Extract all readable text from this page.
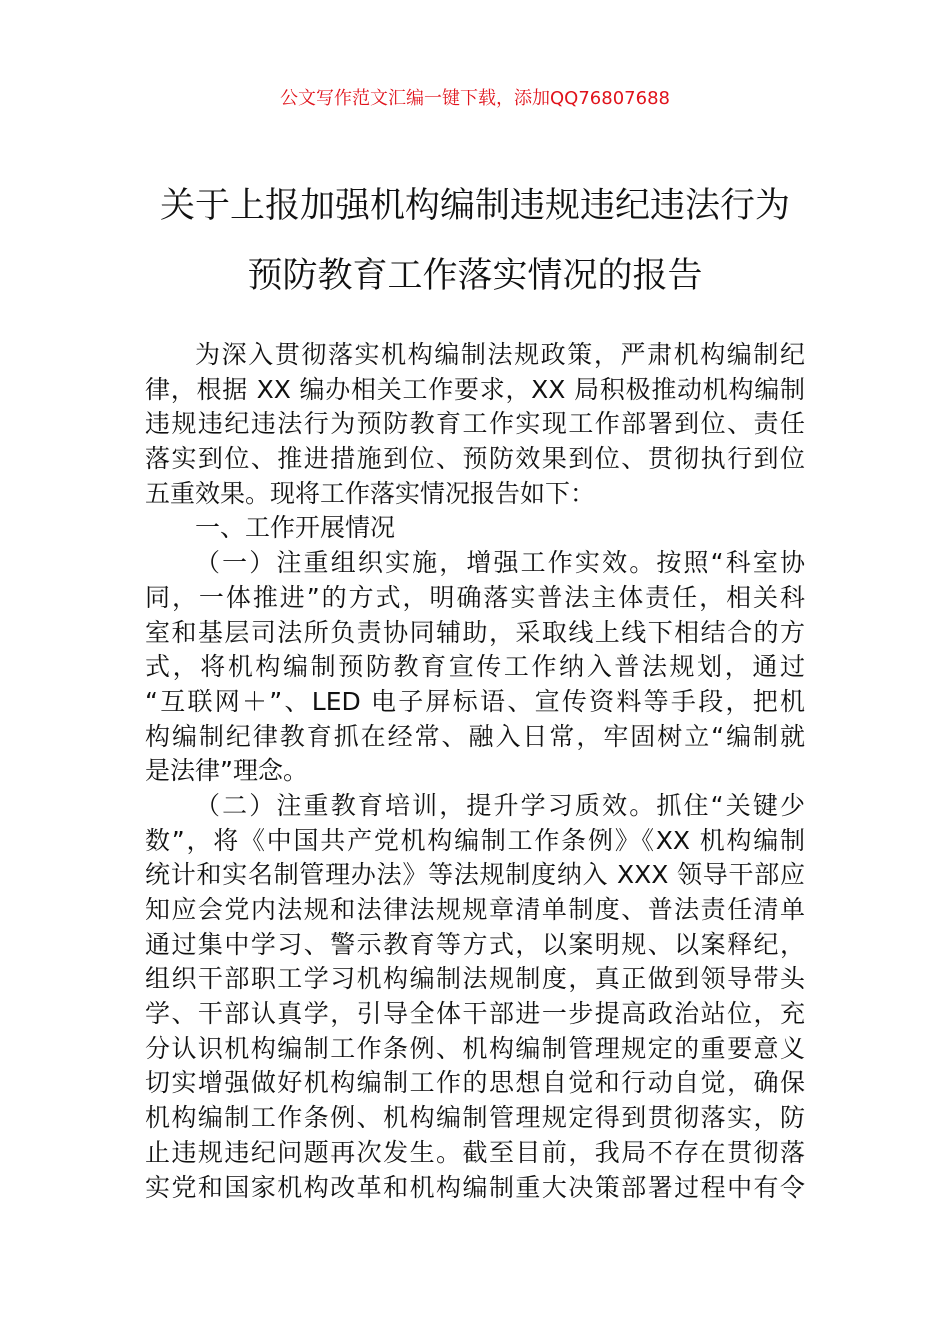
公文写作范文汇编一键下载，添加QQ76807688
关于上报加强机构编制违规违纪违法行为
预防教育工作落实情况的报告
为深入贯彻落实机构编制法规政策，严肃机构编制纪
律，根据 XX 编办相关工作要求，XX 局积极推动机构编制
违规违纪违法行为预防教育工作实现工作部署到位、责任
落实到位、推进措施到位、预防效果到位、贯彻执行到位
五重效果。现将工作落实情况报告如下：
一、工作开展情况
（一）注重组织实施，增强工作实效。按照“科室协
同，一体推进”的方式，明确落实普法主体责任，相关科
室和基层司法所负责协同辅助，采取线上线下相结合的方
式，将机构编制预防教育宣传工作纳入普法规划，通过
“互联网＋”、LED 电子屏标语、宣传资料等手段，把机
构编制纪律教育抓在经常、融入日常，牢固树立“编制就
是法律”理念。
（二）注重教育培训，提升学习质效。抓住“关键少
数”，将《中国共产党机构编制工作条例》《XX 机构编制
统计和实名制管理办法》等法规制度纳入 XXX 领导干部应
知应会党内法规和法律法规规章清单制度、普法责任清单
通过集中学习、警示教育等方式，以案明规、以案释纪，
组织干部职工学习机构编制法规制度，真正做到领导带头
学、干部认真学，引导全体干部进一步提高政治站位，充
分认识机构编制工作条例、机构编制管理规定的重要意义
切实增强做好机构编制工作的思想自觉和行动自觉，确保
机构编制工作条例、机构编制管理规定得到贯彻落实，防
止违规违纪问题再次发生。截至目前，我局不存在贯彻落
实党和国家机构改革和机构编制重大决策部署过程中有令
